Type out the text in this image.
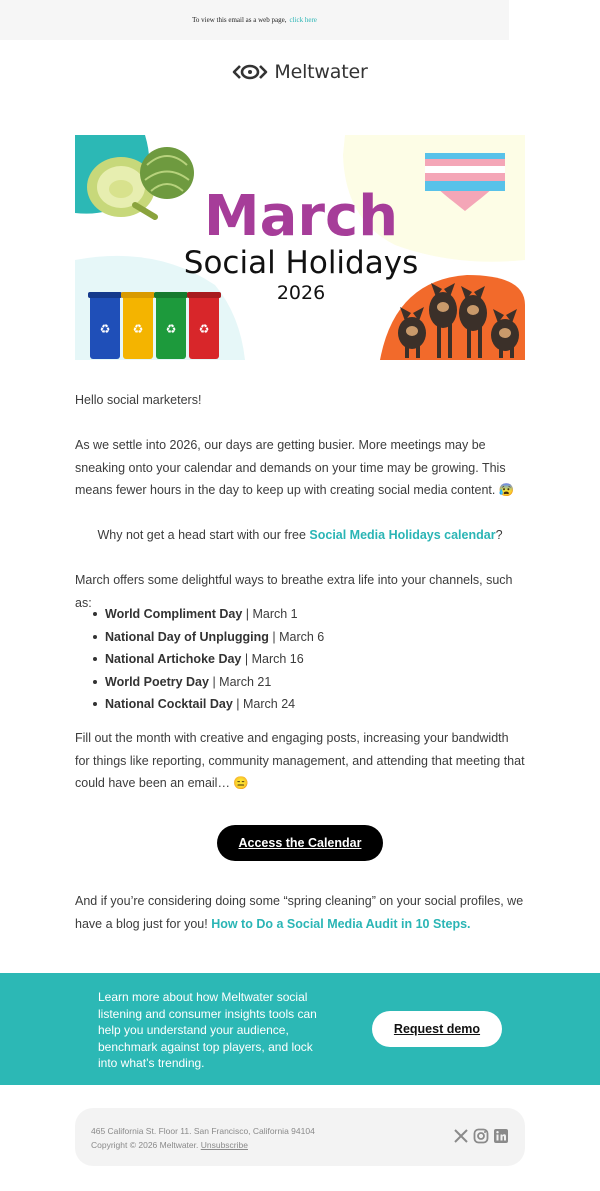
To view this email as a web page, click here
Meltwater
March
Social Holidays
2026
♻ ♻ ♻ ♻

Hello social marketers!

As we settle into 2026, our days are getting busier. More meetings may be sneaking onto your calendar and demands on your time may be growing. This means fewer hours in the day to keep up with creating social media content. 😰

Why not get a head start with our free Social Media Holidays calendar?

March offers some delightful ways to breathe extra life into your channels, such as:

World Compliment Day | March 1
National Day of Unplugging | March 6
National Artichoke Day | March 16
World Poetry Day | March 21
National Cocktail Day | March 24

Fill out the month with creative and engaging posts, increasing your bandwidth for things like reporting, community management, and attending that meeting that could have been an email… 😑

Access the Calendar

And if you’re considering doing some “spring cleaning” on your social profiles, we have a blog just for you! How to Do a Social Media Audit in 10 Steps.

Learn more about how Meltwater social listening and consumer insights tools can help you understand your audience, benchmark against top players, and lock into what’s trending.

Request demo
465 California St. Floor 11. San Francisco, California 94104
Copyright © 2026 Meltwater. Unsubscribe
